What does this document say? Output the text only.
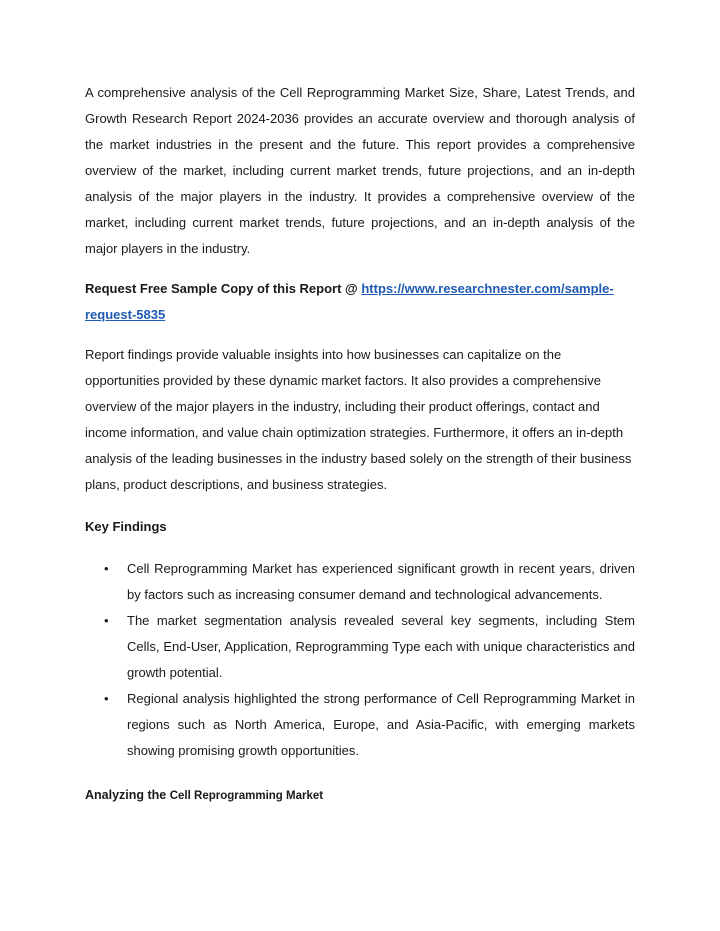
A comprehensive analysis of the Cell Reprogramming Market Size, Share, Latest Trends, and Growth Research Report 2024-2036 provides an accurate overview and thorough analysis of the market industries in the present and the future. This report provides a comprehensive overview of the market, including current market trends, future projections, and an in-depth analysis of the major players in the industry. It provides a comprehensive overview of the market, including current market trends, future projections, and an in-depth analysis of the major players in the industry.

Request Free Sample Copy of this Report @ https://www.researchnester.com/sample-request-5835

Report findings provide valuable insights into how businesses can capitalize on the opportunities provided by these dynamic market factors. It also provides a comprehensive overview of the major players in the industry, including their product offerings, contact and income information, and value chain optimization strategies. Furthermore, it offers an in-depth analysis of the leading businesses in the industry based solely on the strength of their business plans, product descriptions, and business strategies.

Key Findings
• Cell Reprogramming Market has experienced significant growth in recent years, driven by factors such as increasing consumer demand and technological advancements.
• The market segmentation analysis revealed several key segments, including Stem Cells, End-User, Application, Reprogramming Type each with unique characteristics and growth potential.
• Regional analysis highlighted the strong performance of Cell Reprogramming Market in regions such as North America, Europe, and Asia-Pacific, with emerging markets showing promising growth opportunities.
Analyzing the Cell Reprogramming Market
